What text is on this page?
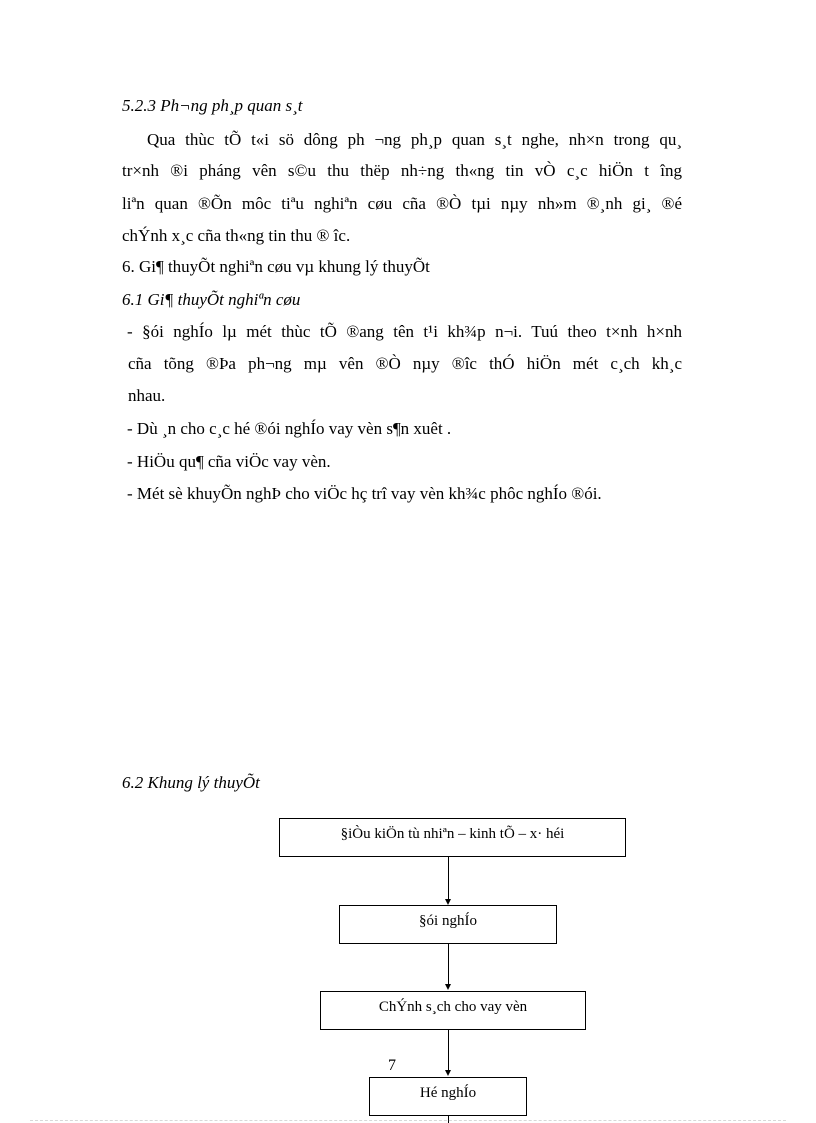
5.2.3 Ph¬ng ph¸p quan s¸t
Qua thùc tÕ t«i sö dông ph ¬ng ph¸p quan s¸t nghe, nh×n trong qu¸
tr×nh ®i pháng vên s©u thu thëp nh÷ng th«ng tin vÒ c¸c hiÖn t îng
liªn quan ®Õn môc tiªu nghiªn cøu cña ®Ò tµi nµy nh»m ®¸nh gi¸ ®é
chÝnh x¸c cña th«ng tin thu ® îc.
6. Gi¶ thuyÕt nghiªn cøu vµ khung lý thuyÕt
6.1 Gi¶ thuyÕt nghiªn cøu
- §ói nghÍo lµ mét thùc tÕ ®ang tên t¹i kh¾p n¬i. Tuú theo t×nh h×nh
cña tõng ®Þа ph¬ng mµ vên ®Ò nµy ®îc thÓ hiÖn mét c¸ch kh¸c
nhau.
- Dù ¸n cho c¸c hé ®ói nghÍo vay vèn s¶n xuêt .
- HiÖu qu¶ cña viÖc vay vèn.
- Mét sè khuyÕn nghÞ cho viÖc hç trî vay vèn kh¾c phôc nghÍo ®ói.
6.2 Khung lý thuyÕt
§iÒu kiÖn tù nhiªn – kinh tÕ – x· héi
§ói nghÍo
ChÝnh s¸ch cho vay vèn
7
Hé nghÍo
